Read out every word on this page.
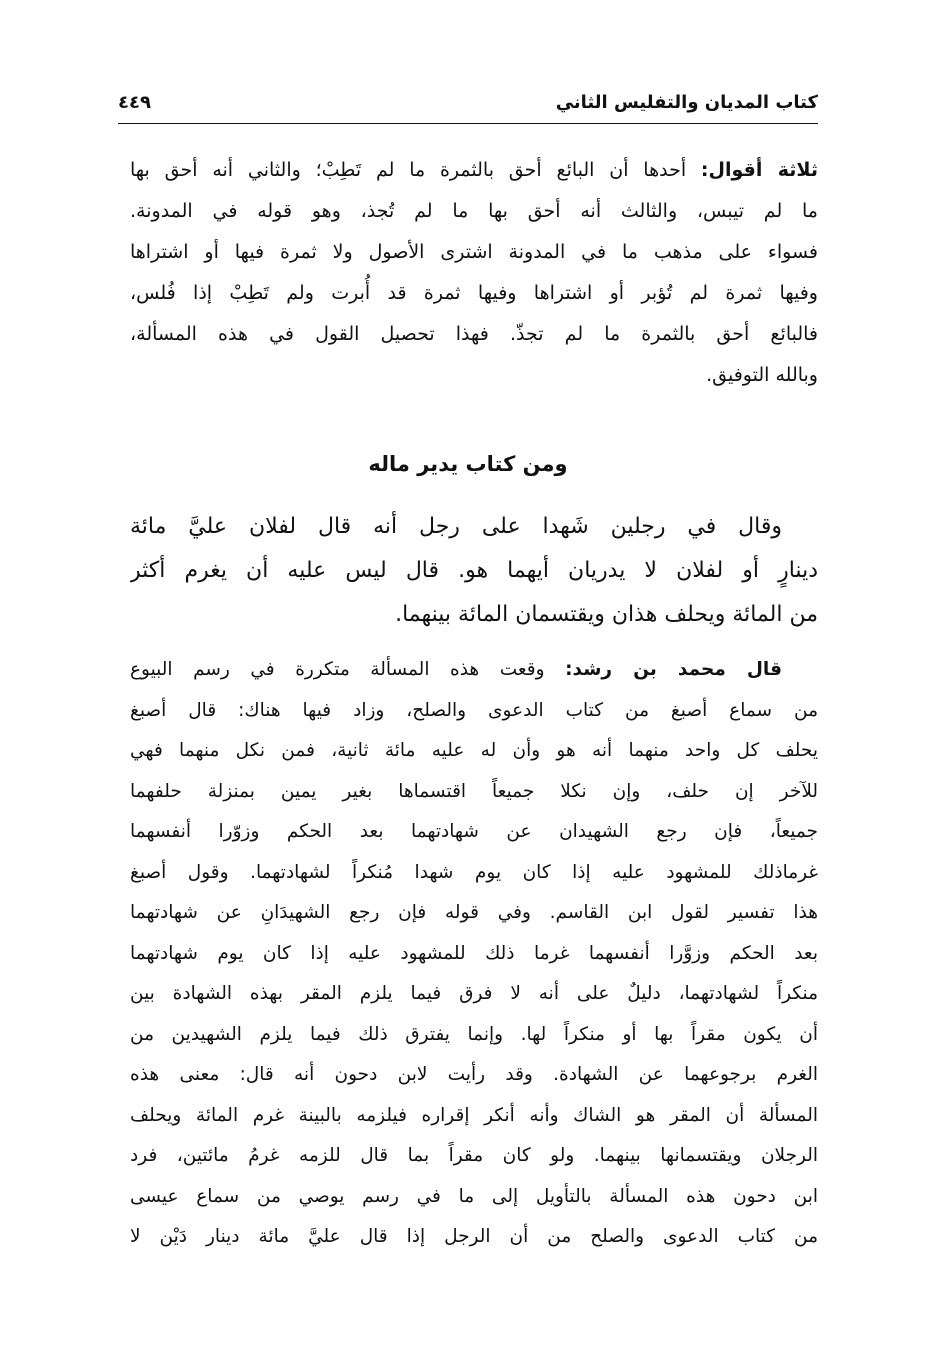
كتاب المديان والتفليس الثاني
٤٤٩
ثلاثة أقوال: أحدها أن البائع أحق بالثمرة ما لم تَطِبْ؛ والثاني أنه أحق بها
ما لم تيبس، والثالث أنه أحق بها ما لم تُجذ، وهو قوله في المدونة.
فسواء على مذهب ما في المدونة اشترى الأصول ولا ثمرة فيها أو اشتراها
وفيها ثمرة لم تُؤبر أو اشتراها وفيها ثمرة قد أُبرت ولم تَطِبْ إذا فُلس،
فالبائع أحق بالثمرة ما لم تجذّ. فهذا تحصيل القول في هذه المسألة،
وبالله التوفيق.
ومن كتاب يدير ماله
وقال في رجلين شَهدا على رجل أنه قال لفلان عليَّ مائة
دينارٍ أو لفلان لا يدريان أيهما هو. قال ليس عليه أن يغرم أكثر
من المائة ويحلف هذان ويقتسمان المائة بينهما.
قال محمد بن رشد: وقعت هذه المسألة متكررة في رسم البيوع
من سماع أصبغ من كتاب الدعوى والصلح، وزاد فيها هناك: قال أصبغ
يحلف كل واحد منهما أنه هو وأن له عليه مائة ثانية، فمن نكل منهما فهي
للآخر إن حلف، وإن نكلا جميعاً اقتسماها بغير يمين بمنزلة حلفهما
جميعاً، فإن رجع الشهيدان عن شهادتهما بعد الحكم وزوّرا أنفسهما
غرماذلك للمشهود عليه إذا كان يوم شهدا مُنكراً لشهادتهما. وقول أصبغ
هذا تفسير لقول ابن القاسم. وفي قوله فإن رجع الشهيدَانِ عن شهادتهما
بعد الحكم وزوَّرا أنفسهما غرما ذلك للمشهود عليه إذا كان يوم شهادتهما
منكراً لشهادتهما، دليلٌ على أنه لا فرق فيما يلزم المقر بهذه الشهادة بين
أن يكون مقراً بها أو منكراً لها. وإنما يفترق ذلك فيما يلزم الشهيدين من
الغرم برجوعهما عن الشهادة. وقد رأيت لابن دحون أنه قال: معنى هذه
المسألة أن المقر هو الشاك وأنه أنكر إقراره فيلزمه بالبينة غرم المائة ويحلف
الرجلان ويقتسمانها بينهما. ولو كان مقراً بما قال للزمه غرمُ مائتين، فرد
ابن دحون هذه المسألة بالتأويل إلى ما في رسم يوصي من سماع عيسى
من كتاب الدعوى والصلح من أن الرجل إذا قال عليَّ مائة دينار دَيْن لا
